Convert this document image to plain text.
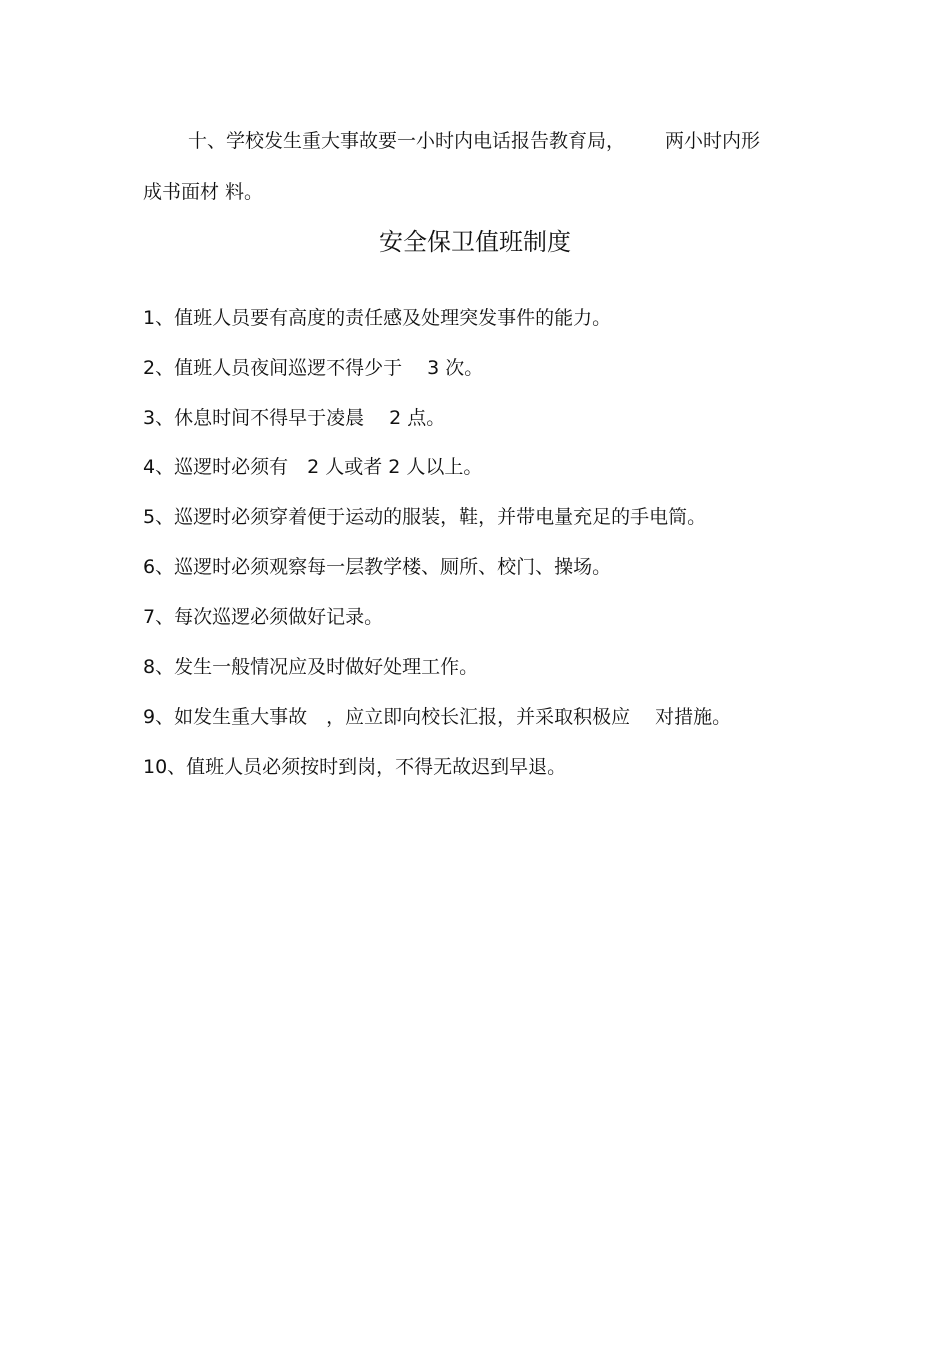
十、学校发生重大事故要一小时内电话报告教育局， 两小时内形
成书面材 料。
安全保卫值班制度
1、值班人员要有高度的责任感及处理突发事件的能力。
2、值班人员夜间巡逻不得少于　 3 次。
3、休息时间不得早于凌晨　 2 点。
4、巡逻时必须有　2 人或者 2 人以上。
5、巡逻时必须穿着便于运动的服装，鞋，并带电量充足的手电筒。
6、巡逻时必须观察每一层教学楼、厕所、校门、操场。
7、每次巡逻必须做好记录。
8、发生一般情况应及时做好处理工作。
9、如发生重大事故　，应立即向校长汇报，并采取积极应　 对措施。
10、值班人员必须按时到岗，不得无故迟到早退。
